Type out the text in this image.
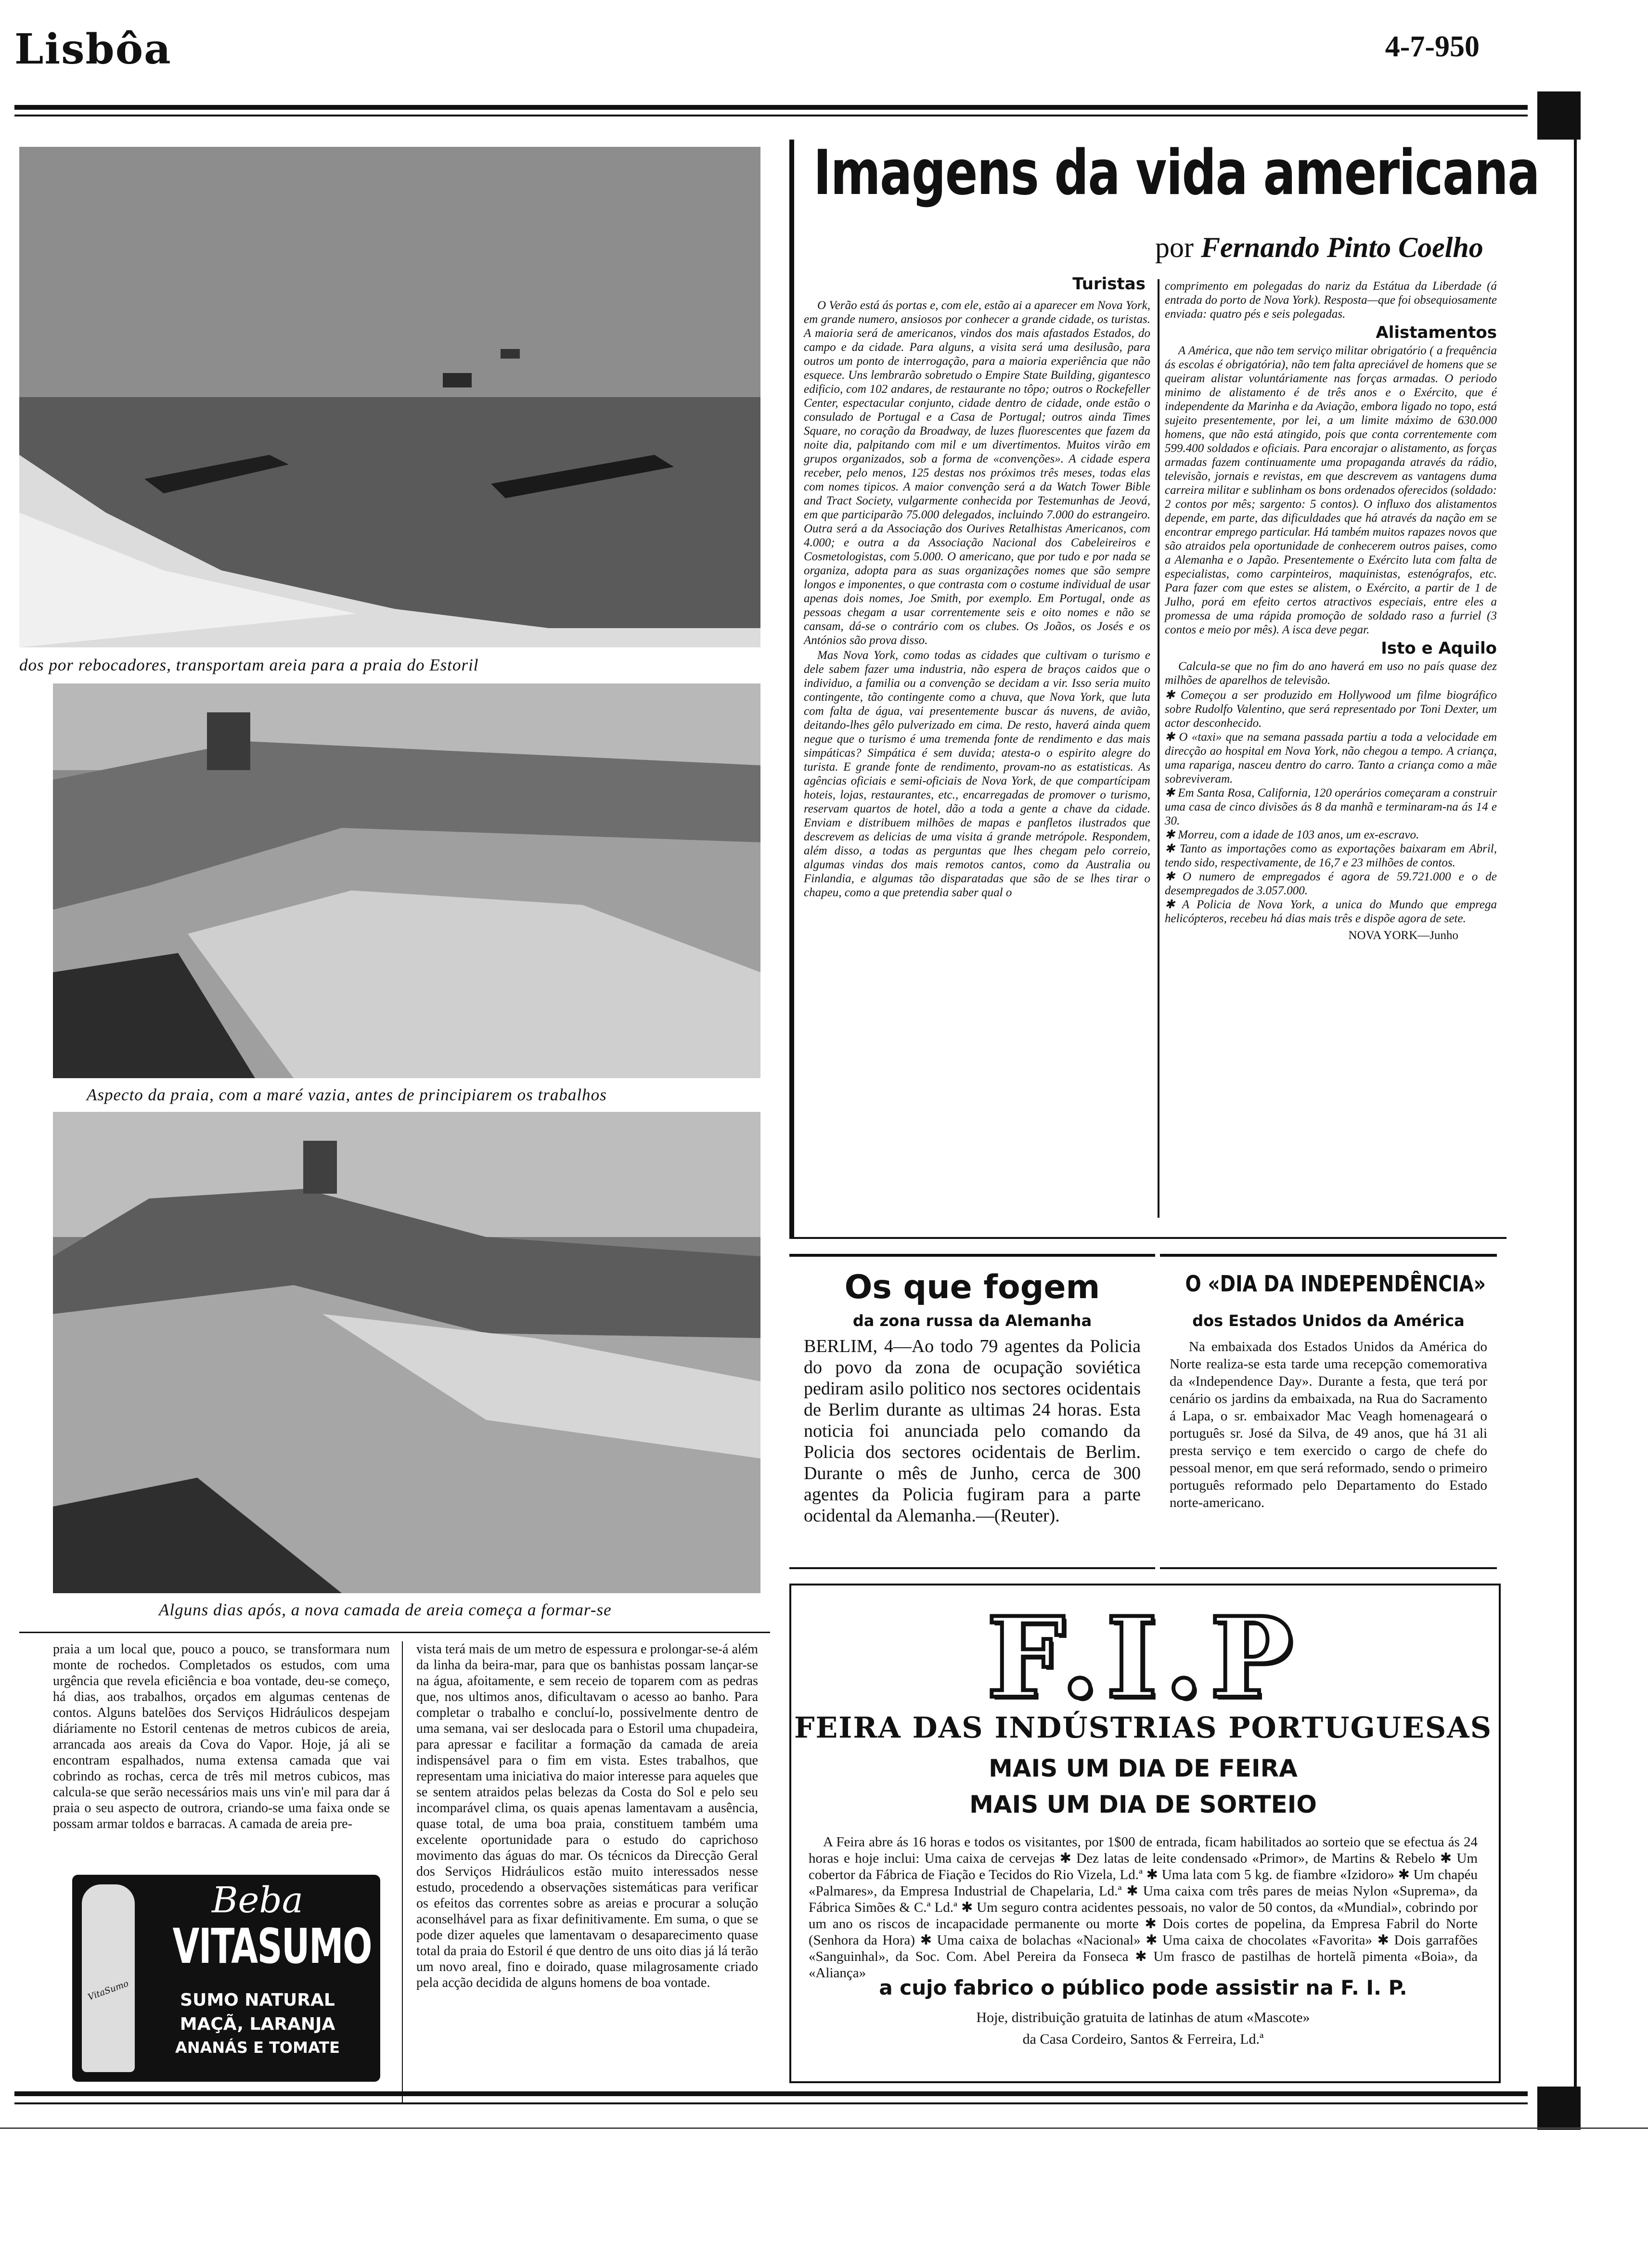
Lisbôa	4-7-950
dos por rebocadores, transportam areia para a praia do Estoril
Aspecto da praia, com a maré vazia, antes de principiarem os trabalhos
Alguns dias após, a nova camada de areia começa a formar-se
Imagens da vida americana
por Fernando Pinto Coelho
Turistas

O Verão está ás portas e, com ele, estão ai a aparecer em Nova York, em grande numero, ansiosos por conhecer a grande cidade, os turistas. A maioria será de americanos, vindos dos mais afastados Estados, do campo e da cidade. Para alguns, a visita será uma desilusão, para outros um ponto de interrogação, para a maioria experiência que não esquece. Uns lembrarão sobretudo o Empire State Building, gigantesco edificio, com 102 andares, de restaurante no tôpo; outros o Rockefeller Center, espectacular conjunto, cidade dentro de cidade, onde estão o consulado de Portugal e a Casa de Portugal; outros ainda Times Square, no coração da Broadway, de luzes fluorescentes que fazem da noite dia, palpitando com mil e um divertimentos. Muitos virão em grupos organizados, sob a forma de «convenções». A cidade espera receber, pelo menos, 125 destas nos próximos três meses, todas elas com nomes tipicos. A maior convenção será a da Watch Tower Bible and Tract Society, vulgarmente conhecida por Testemunhas de Jeová, em que participarão 75.000 delegados, incluindo 7.000 do estrangeiro. Outra será a da Associação dos Ourives Retalhistas Americanos, com 4.000; e outra a da Associação Nacional dos Cabeleireiros e Cosmetologistas, com 5.000. O americano, que por tudo e por nada se organiza, adopta para as suas organizações nomes que são sempre longos e imponentes, o que contrasta com o costume individual de usar apenas dois nomes, Joe Smith, por exemplo. Em Portugal, onde as pessoas chegam a usar correntemente seis e oito nomes e não se cansam, dá-se o contrário com os clubes. Os Joãos, os Josés e os Antónios são prova disso.

Mas Nova York, como todas as cidades que cultivam o turismo e dele sabem fazer uma industria, não espera de braços caidos que o individuo, a familia ou a convenção se decidam a vir. Isso seria muito contingente, tão contingente como a chuva, que Nova York, que luta com falta de água, vai presentemente buscar ás nuvens, de avião, deitando-lhes gêlo pulverizado em cima. De resto, haverá ainda quem negue que o turismo é uma tremenda fonte de rendimento e das mais simpáticas? Simpática é sem duvida; atesta-o o espirito alegre do turista. E grande fonte de rendimento, provam-no as estatisticas. As agências oficiais e semi-oficiais de Nova York, de que compartícipam hoteis, lojas, restaurantes, etc., encarregadas de promover o turismo, reservam quartos de hotel, dão a toda a gente a chave da cidade. Enviam e distribuem milhões de mapas e panfletos ilustrados que descrevem as delicias de uma visita á grande metrópole. Respondem, além disso, a todas as perguntas que lhes chegam pelo correio, algumas vindas dos mais remotos cantos, como da Australia ou Finlandia, e algumas tão disparatadas que são de se lhes tirar o chapeu, como a que pretendia saber qual o

comprimento em polegadas do nariz da Estátua da Liberdade (á entrada do porto de Nova York). Resposta—que foi obsequiosamente enviada: quatro pés e seis polegadas.

Alistamentos

A América, que não tem serviço militar obrigatório ( a frequência ás escolas é obrigatória), não tem falta apreciável de homens que se queiram alistar voluntáriamente nas forças armadas. O periodo minimo de alistamento é de três anos e o Exército, que é independente da Marinha e da Aviação, embora ligado no topo, está sujeito presentemente, por lei, a um limite máximo de 630.000 homens, que não está atingido, pois que conta correntemente com 599.400 soldados e oficiais. Para encorajar o alistamento, as forças armadas fazem continuamente uma propaganda através da rádio, televisão, jornais e revistas, em que descrevem as vantagens duma carreira militar e sublinham os bons ordenados oferecidos (soldado: 2 contos por mês; sargento: 5 contos). O influxo dos alistamentos depende, em parte, das dificuldades que há através da nação em se encontrar emprego particular. Há também muitos rapazes novos que são atraidos pela oportunidade de conhecerem outros paises, como a Alemanha e o Japão. Presentemente o Exército luta com falta de especialistas, como carpinteiros, maquinistas, estenógrafos, etc. Para fazer com que estes se alistem, o Exército, a partir de 1 de Julho, porá em efeito certos atractivos especiais, entre eles a promessa de uma rápida promoção de soldado raso a furriel (3 contos e meio por mês). A isca deve pegar.

Isto e Aquilo

Calcula-se que no fim do ano haverá em uso no país quase dez milhões de aparelhos de televisão.

✱ Começou a ser produzido em Hollywood um filme biográfico sobre Rudolfo Valentino, que será representado por Toni Dexter, um actor desconhecido.
✱ O «taxi» que na semana passada partiu a toda a velocidade em direcção ao hospital em Nova York, não chegou a tempo. A criança, uma rapariga, nasceu dentro do carro. Tanto a criança como a mãe sobreviveram.
✱ Em Santa Rosa, California, 120 operários começaram a construir uma casa de cinco divisões ás 8 da manhã e terminaram-na ás 14 e 30.
✱ Morreu, com a idade de 103 anos, um ex-escravo.
✱ Tanto as importações como as exportações baixaram em Abril, tendo sido, respectivamente, de 16,7 e 23 milhões de contos.
✱ O numero de empregados é agora de 59.721.000 e o de desempregados de 3.057.000.
✱ A Policia de Nova York, a unica do Mundo que emprega helicópteros, recebeu há dias mais três e dispõe agora de sete.
NOVA YORK—Junho
Os que fogem
da zona russa da Alemanha
BERLIM, 4—Ao todo 79 agentes da Policia do povo da zona de ocupação soviética pediram asilo politico nos sectores ocidentais de Berlim durante as ultimas 24 horas. Esta noticia foi anunciada pelo comando da Policia dos sectores ocidentais de Berlim. Durante o mês de Junho, cerca de 300 agentes da Policia fugiram para a parte ocidental da Alemanha.—(Reuter).
O «DIA DA INDEPENDÊNCIA»
dos Estados Unidos da América
Na embaixada dos Estados Unidos da América do Norte realiza-se esta tarde uma recepção comemorativa da «Independence Day». Durante a festa, que terá por cenário os jardins da embaixada, na Rua do Sacramento á Lapa, o sr. embaixador Mac Veagh homenageará o português sr. José da Silva, de 49 anos, que há 31 ali presta serviço e tem exercido o cargo de chefe do pessoal menor, em que será reformado, sendo o primeiro português reformado pelo Departamento do Estado norte-americano.
F.I.P
FEIRA DAS INDÚSTRIAS PORTUGUESAS
MAIS UM DIA DE FEIRA
MAIS UM DIA DE SORTEIO
A Feira abre ás 16 horas e todos os visitantes, por 1$00 de entrada, ficam habilitados ao sorteio que se efectua ás 24 horas e hoje inclui: Uma caixa de cervejas ✱ Dez latas de leite condensado «Primor», de Martins & Rebelo ✱ Um cobertor da Fábrica de Fiação e Tecidos do Rio Vizela, Ld.ª ✱ Uma lata com 5 kg. de fiambre «Izidoro» ✱ Um chapéu «Palmares», da Empresa Industrial de Chapelaria, Ld.ª ✱ Uma caixa com três pares de meias Nylon «Suprema», da Fábrica Simões & C.ª Ld.ª ✱ Um seguro contra acidentes pessoais, no valor de 50 contos, da «Mundial», cobrindo por um ano os riscos de incapacidade permanente ou morte ✱ Dois cortes de popelina, da Empresa Fabril do Norte (Senhora da Hora) ✱ Uma caixa de bolachas «Nacional» ✱ Uma caixa de chocolates «Favorita» ✱ Dois garrafões «Sanguinhal», da Soc. Com. Abel Pereira da Fonseca ✱ Um frasco de pastilhas de hortelã pimenta «Boia», da «Aliança»
a cujo fabrico o público pode assistir na F. I. P.
Hoje, distribuição gratuita de latinhas de atum «Mascote»
da Casa Cordeiro, Santos & Ferreira, Ld.ª
praia a um local que, pouco a pouco, se transformara num monte de rochedos. Completados os estudos, com uma urgência que revela eficiência e boa vontade, deu-se começo, há dias, aos trabalhos, orçados em algumas centenas de contos. Alguns batelões dos Serviços Hidráulicos despejam diáriamente no Estoril centenas de metros cubicos de areia, arrancada aos areais da Cova do Vapor. Hoje, já ali se encontram espalhados, numa extensa camada que vai cobrindo as rochas, cerca de três mil metros cubicos, mas calcula-se que serão necessários mais uns vin'e mil para dar á praia o seu aspecto de outrora, criando-se uma faixa onde se possam armar toldos e barracas. A camada de areia pre-
vista terá mais de um metro de espessura e prolongar-se-á além da linha da beira-mar, para que os banhistas possam lançar-se na água, afoitamente, e sem receio de toparem com as pedras que, nos ultimos anos, dificultavam o acesso ao banho. Para completar o trabalho e concluí-lo, possivelmente dentro de uma semana, vai ser deslocada para o Estoril uma chupadeira, para apressar e facilitar a formação da camada de areia indispensável para o fim em vista. Estes trabalhos, que representam uma iniciativa do maior interesse para aqueles que se sentem atraidos pelas belezas da Costa do Sol e pelo seu incomparável clima, os quais apenas lamentavam a ausência, quase total, de uma boa praia, constituem também uma excelente oportunidade para o estudo do caprichoso movimento das águas do mar. Os técnicos da Direcção Geral dos Serviços Hidráulicos estão muito interessados nesse estudo, procedendo a observações sistemáticas para verificar os efeitos das correntes sobre as areias e procurar a solução aconselhável para as fixar definitivamente. Em suma, o que se pode dizer aqueles que lamentavam o desaparecimento quase total da praia do Estoril é que dentro de uns oito dias já lá terão um novo areal, fino e doirado, quase milagrosamente criado pela acção decidida de alguns homens de boa vontade.
VitaSumo
Beba
VITASUMO
SUMO NATURAL
MAÇÃ, LARANJA
ANANÁS E TOMATE
